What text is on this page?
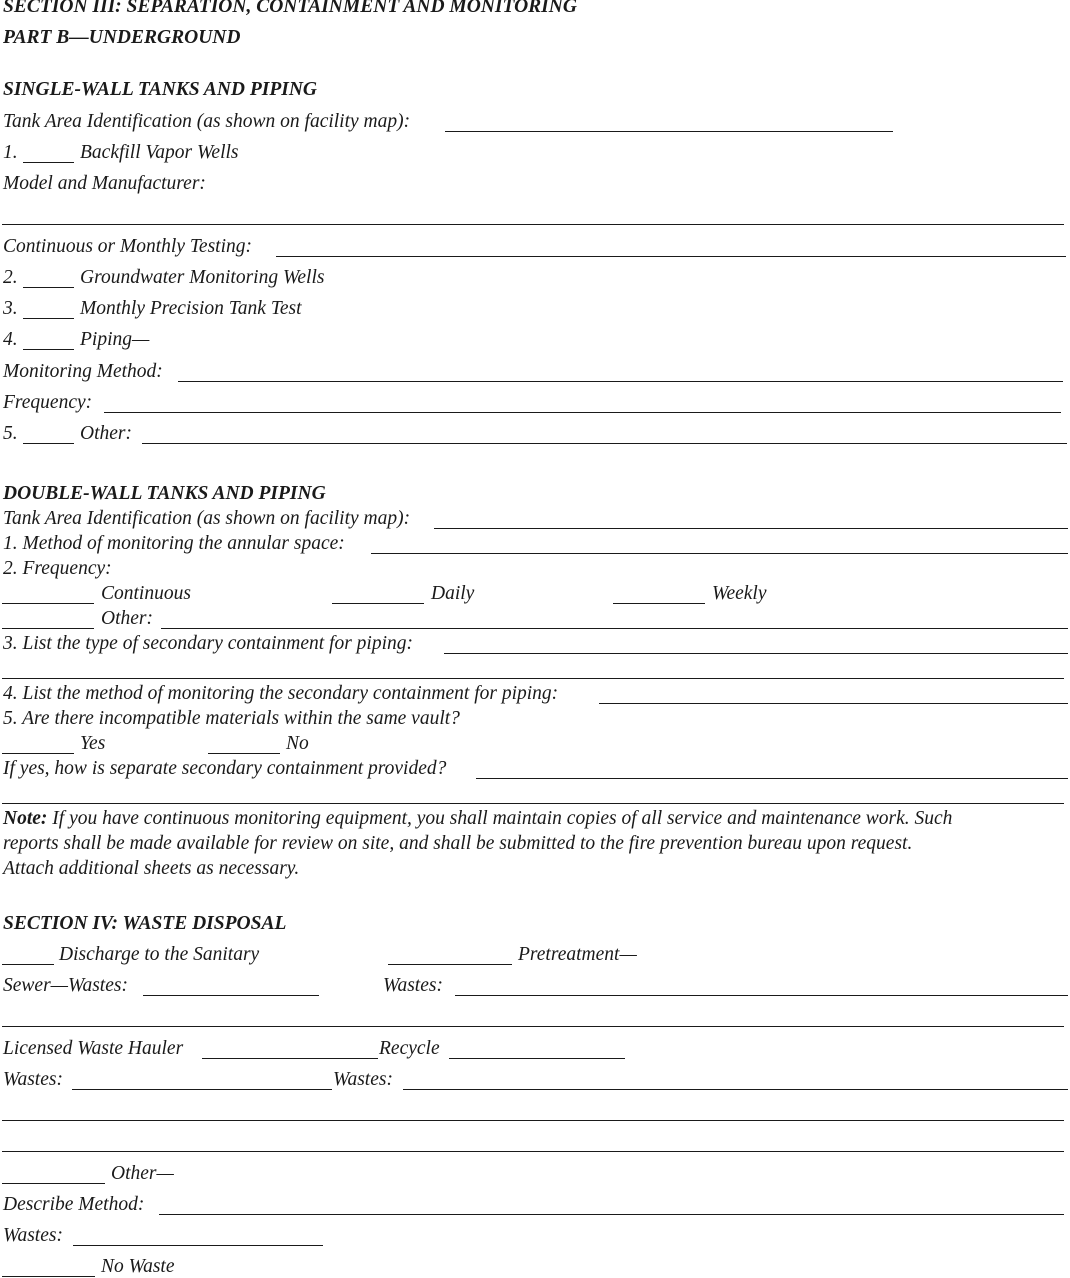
SECTION III: SEPARATION, CONTAINMENT AND MONITORING
PART B—UNDERGROUND
SINGLE-WALL TANKS AND PIPING
Tank Area Identification (as shown on facility map):
1.	Backfill Vapor Wells
Model and Manufacturer:
Continuous or Monthly Testing:
2.	Groundwater Monitoring Wells
3.	Monthly Precision Tank Test
4.	Piping—
Monitoring Method:
Frequency:
5.	Other:
DOUBLE-WALL TANKS AND PIPING
Tank Area Identification (as shown on facility map):
1. Method of monitoring the annular space:
2. Frequency:
Continuous	Daily	Weekly
Other:
3. List the type of secondary containment for piping:
4. List the method of monitoring the secondary containment for piping:
5. Are there incompatible materials within the same vault?
Yes	No
If yes, how is separate secondary containment provided?
Note: If you have continuous monitoring equipment, you shall maintain copies of all service and maintenance work. Such
reports shall be made available for review on site, and shall be submitted to the fire prevention bureau upon request.
Attach additional sheets as necessary.
SECTION IV: WASTE DISPOSAL
Discharge to the Sanitary	Pretreatment—
Sewer—Wastes:	Wastes:
Licensed Waste Hauler	Recycle
Wastes:	Wastes:
Other—
Describe Method:
Wastes:
No Waste
